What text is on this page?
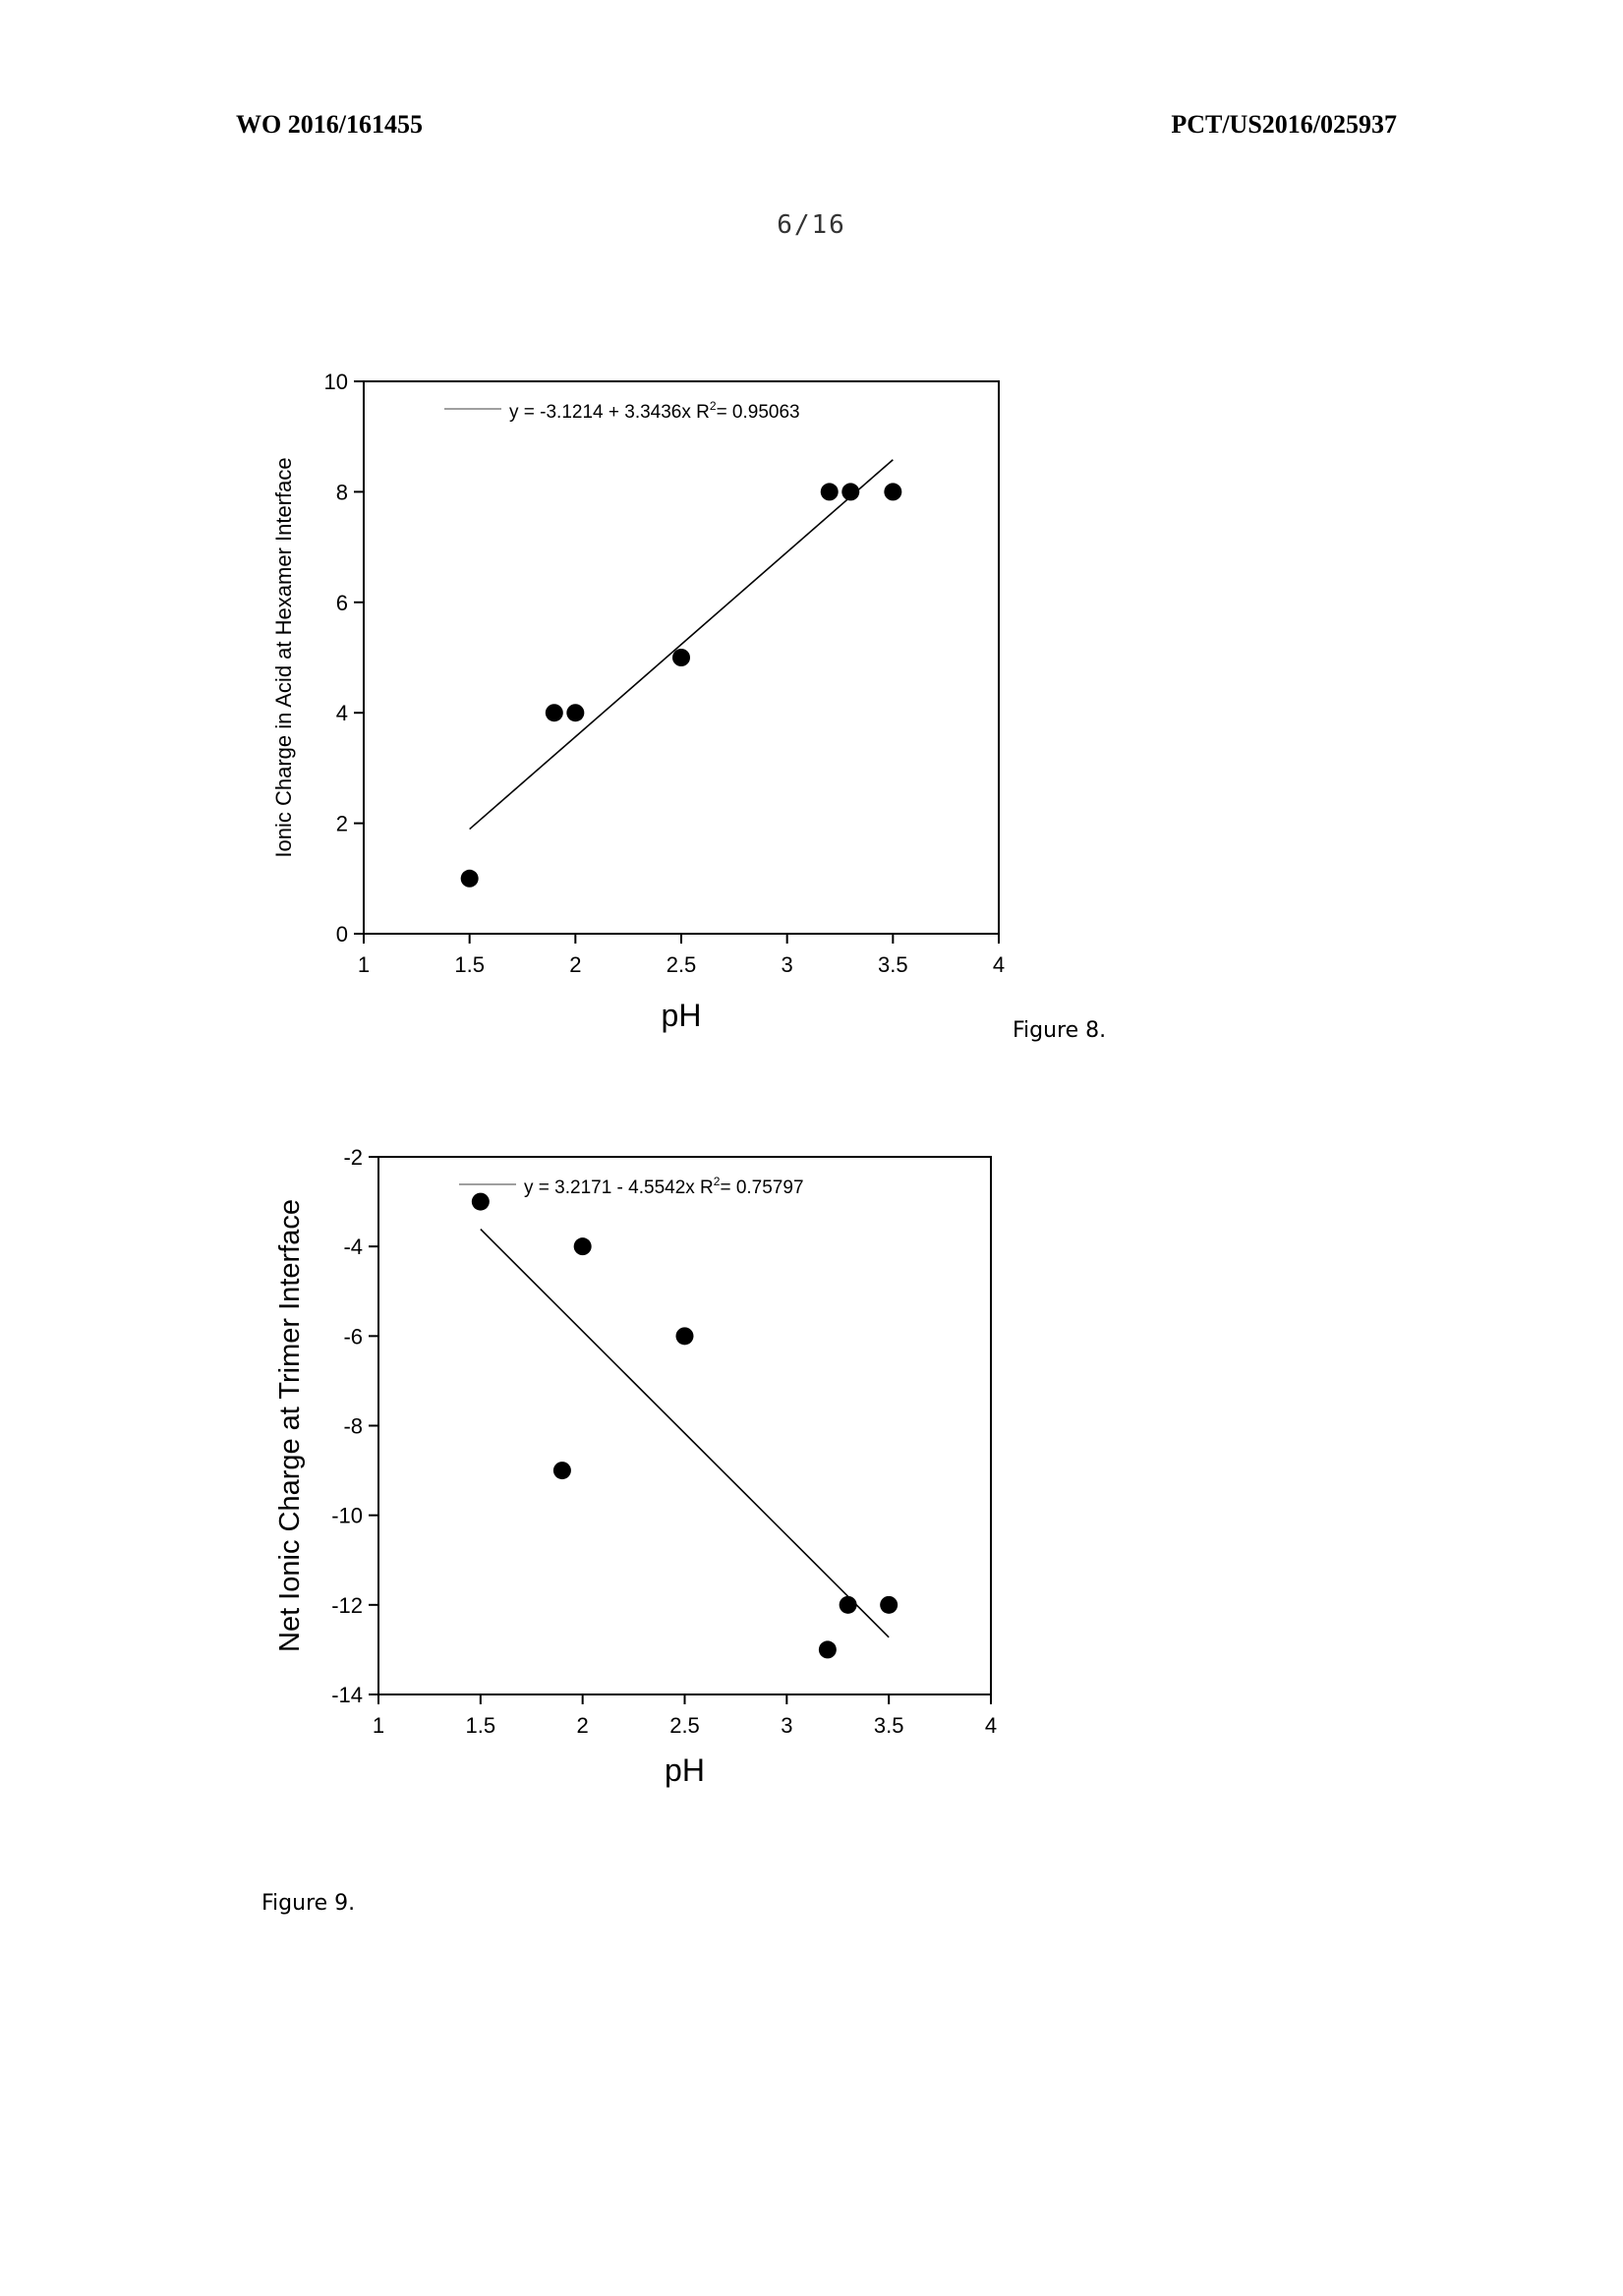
WO 2016/161455	PCT/US2016/025937
6/16
1	1.5	2	2.5	3	3.5	4
0
2
4
6
8
10
pH
Ionic Charge in Acid at Hexamer Interface
y = -3.1214 + 3.3436x $R^2= 0.95063$
1	1.5	2	2.5	3	3.5	4
-14
-12
-10
-8
-6
-4
-2
pH
Net Ionic Charge at Trimer Interface
y = 3.2171 - 4.5542x $R^2= 0.75797$
Figure 8.
Figure 9.
